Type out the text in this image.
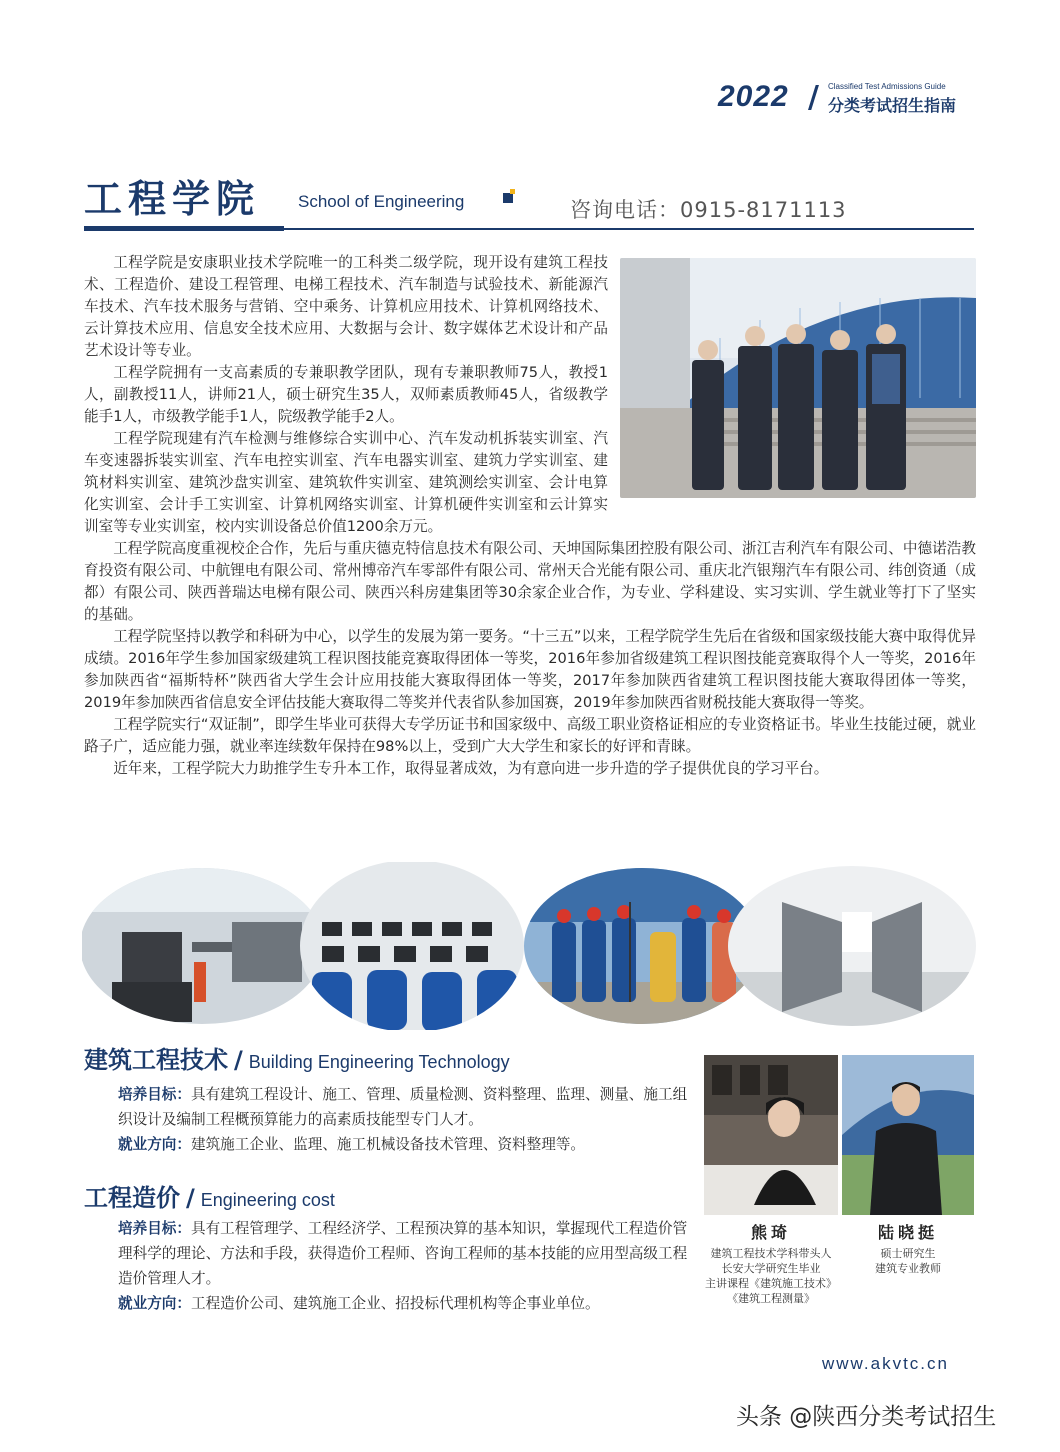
2022 / Classified Test Admissions Guide
分类考试招生指南
工程学院 School of Engineering	咨询电话：0915-8171113

工程学院是安康职业技术学院唯一的工科类二级学院，现开设有建筑工程技术、工程造价、建设工程管理、电梯工程技术、汽车制造与试验技术、新能源汽车技术、汽车技术服务与营销、空中乘务、计算机应用技术、计算机网络技术、云计算技术应用、信息安全技术应用、大数据与会计、数字媒体艺术设计和产品艺术设计等专业。

工程学院拥有一支高素质的专兼职教学团队，现有专兼职教师75人，教授1人，副教授11人，讲师21人，硕士研究生35人，双师素质教师45人，省级教学能手1人，市级教学能手1人，院级教学能手2人。

工程学院现建有汽车检测与维修综合实训中心、汽车发动机拆装实训室、汽车变速器拆装实训室、汽车电控实训室、汽车电器实训室、建筑力学实训室、建筑材料实训室、建筑沙盘实训室、建筑软件实训室、建筑测绘实训室、会计电算化实训室、会计手工实训室、计算机网络实训室、计算机硬件实训室和云计算实训室等专业实训室，校内实训设备总价值1200余万元。

工程学院高度重视校企合作，先后与重庆德克特信息技术有限公司、天坤国际集团控股有限公司、浙江吉利汽车有限公司、中德诺浩教育投资有限公司、中航锂电有限公司、常州博帝汽车零部件有限公司、常州天合光能有限公司、重庆北汽银翔汽车有限公司、纬创资通（成都）有限公司、陕西普瑞达电梯有限公司、陕西兴科房建集团等30余家企业合作，为专业、学科建设、实习实训、学生就业等打下了坚实的基础。

工程学院坚持以教学和科研为中心，以学生的发展为第一要务。“十三五”以来，工程学院学生先后在省级和国家级技能大赛中取得优异成绩。2016年学生参加国家级建筑工程识图技能竞赛取得团体一等奖，2016年参加省级建筑工程识图技能竞赛取得个人一等奖，2016年参加陕西省“福斯特杯”陕西省大学生会计应用技能大赛取得团体一等奖，2017年参加陕西省建筑工程识图技能大赛取得团体一等奖，2019年参加陕西省信息安全评估技能大赛取得二等奖并代表省队参加国赛，2019年参加陕西省财税技能大赛取得一等奖。

工程学院实行“双证制”，即学生毕业可获得大专学历证书和国家级中、高级工职业资格证相应的专业资格证书。毕业生技能过硬，就业路子广，适应能力强，就业率连续数年保持在98%以上，受到广大大学生和家长的好评和青睐。

近年来，工程学院大力助推学生专升本工作，取得显著成效，为有意向进一步升造的学子提供优良的学习平台。

建筑工程技术 / Building Engineering Technology
培养目标：具有建筑工程设计、施工、管理、质量检测、资料整理、监理、测量、施工组织设计及编制工程概预算能力的高素质技能型专门人才。
就业方向：建筑施工企业、监理、施工机械设备技术管理、资料整理等。
工程造价 / Engineering cost
培养目标：具有工程管理学、工程经济学、工程预决算的基本知识，掌握现代工程造价管理科学的理论、方法和手段，获得造价工程师、咨询工程师的基本技能的应用型高级工程造价管理人才。
就业方向：工程造价公司、建筑施工企业、招投标代理机构等企事业单位。
熊琦
建筑工程技术学科带头人
长安大学研究生毕业
主讲课程《建筑施工技术》
《建筑工程测量》
陆晓挺
硕士研究生
建筑专业教师
www.akvtc.cn
头条 @陕西分类考试招生
